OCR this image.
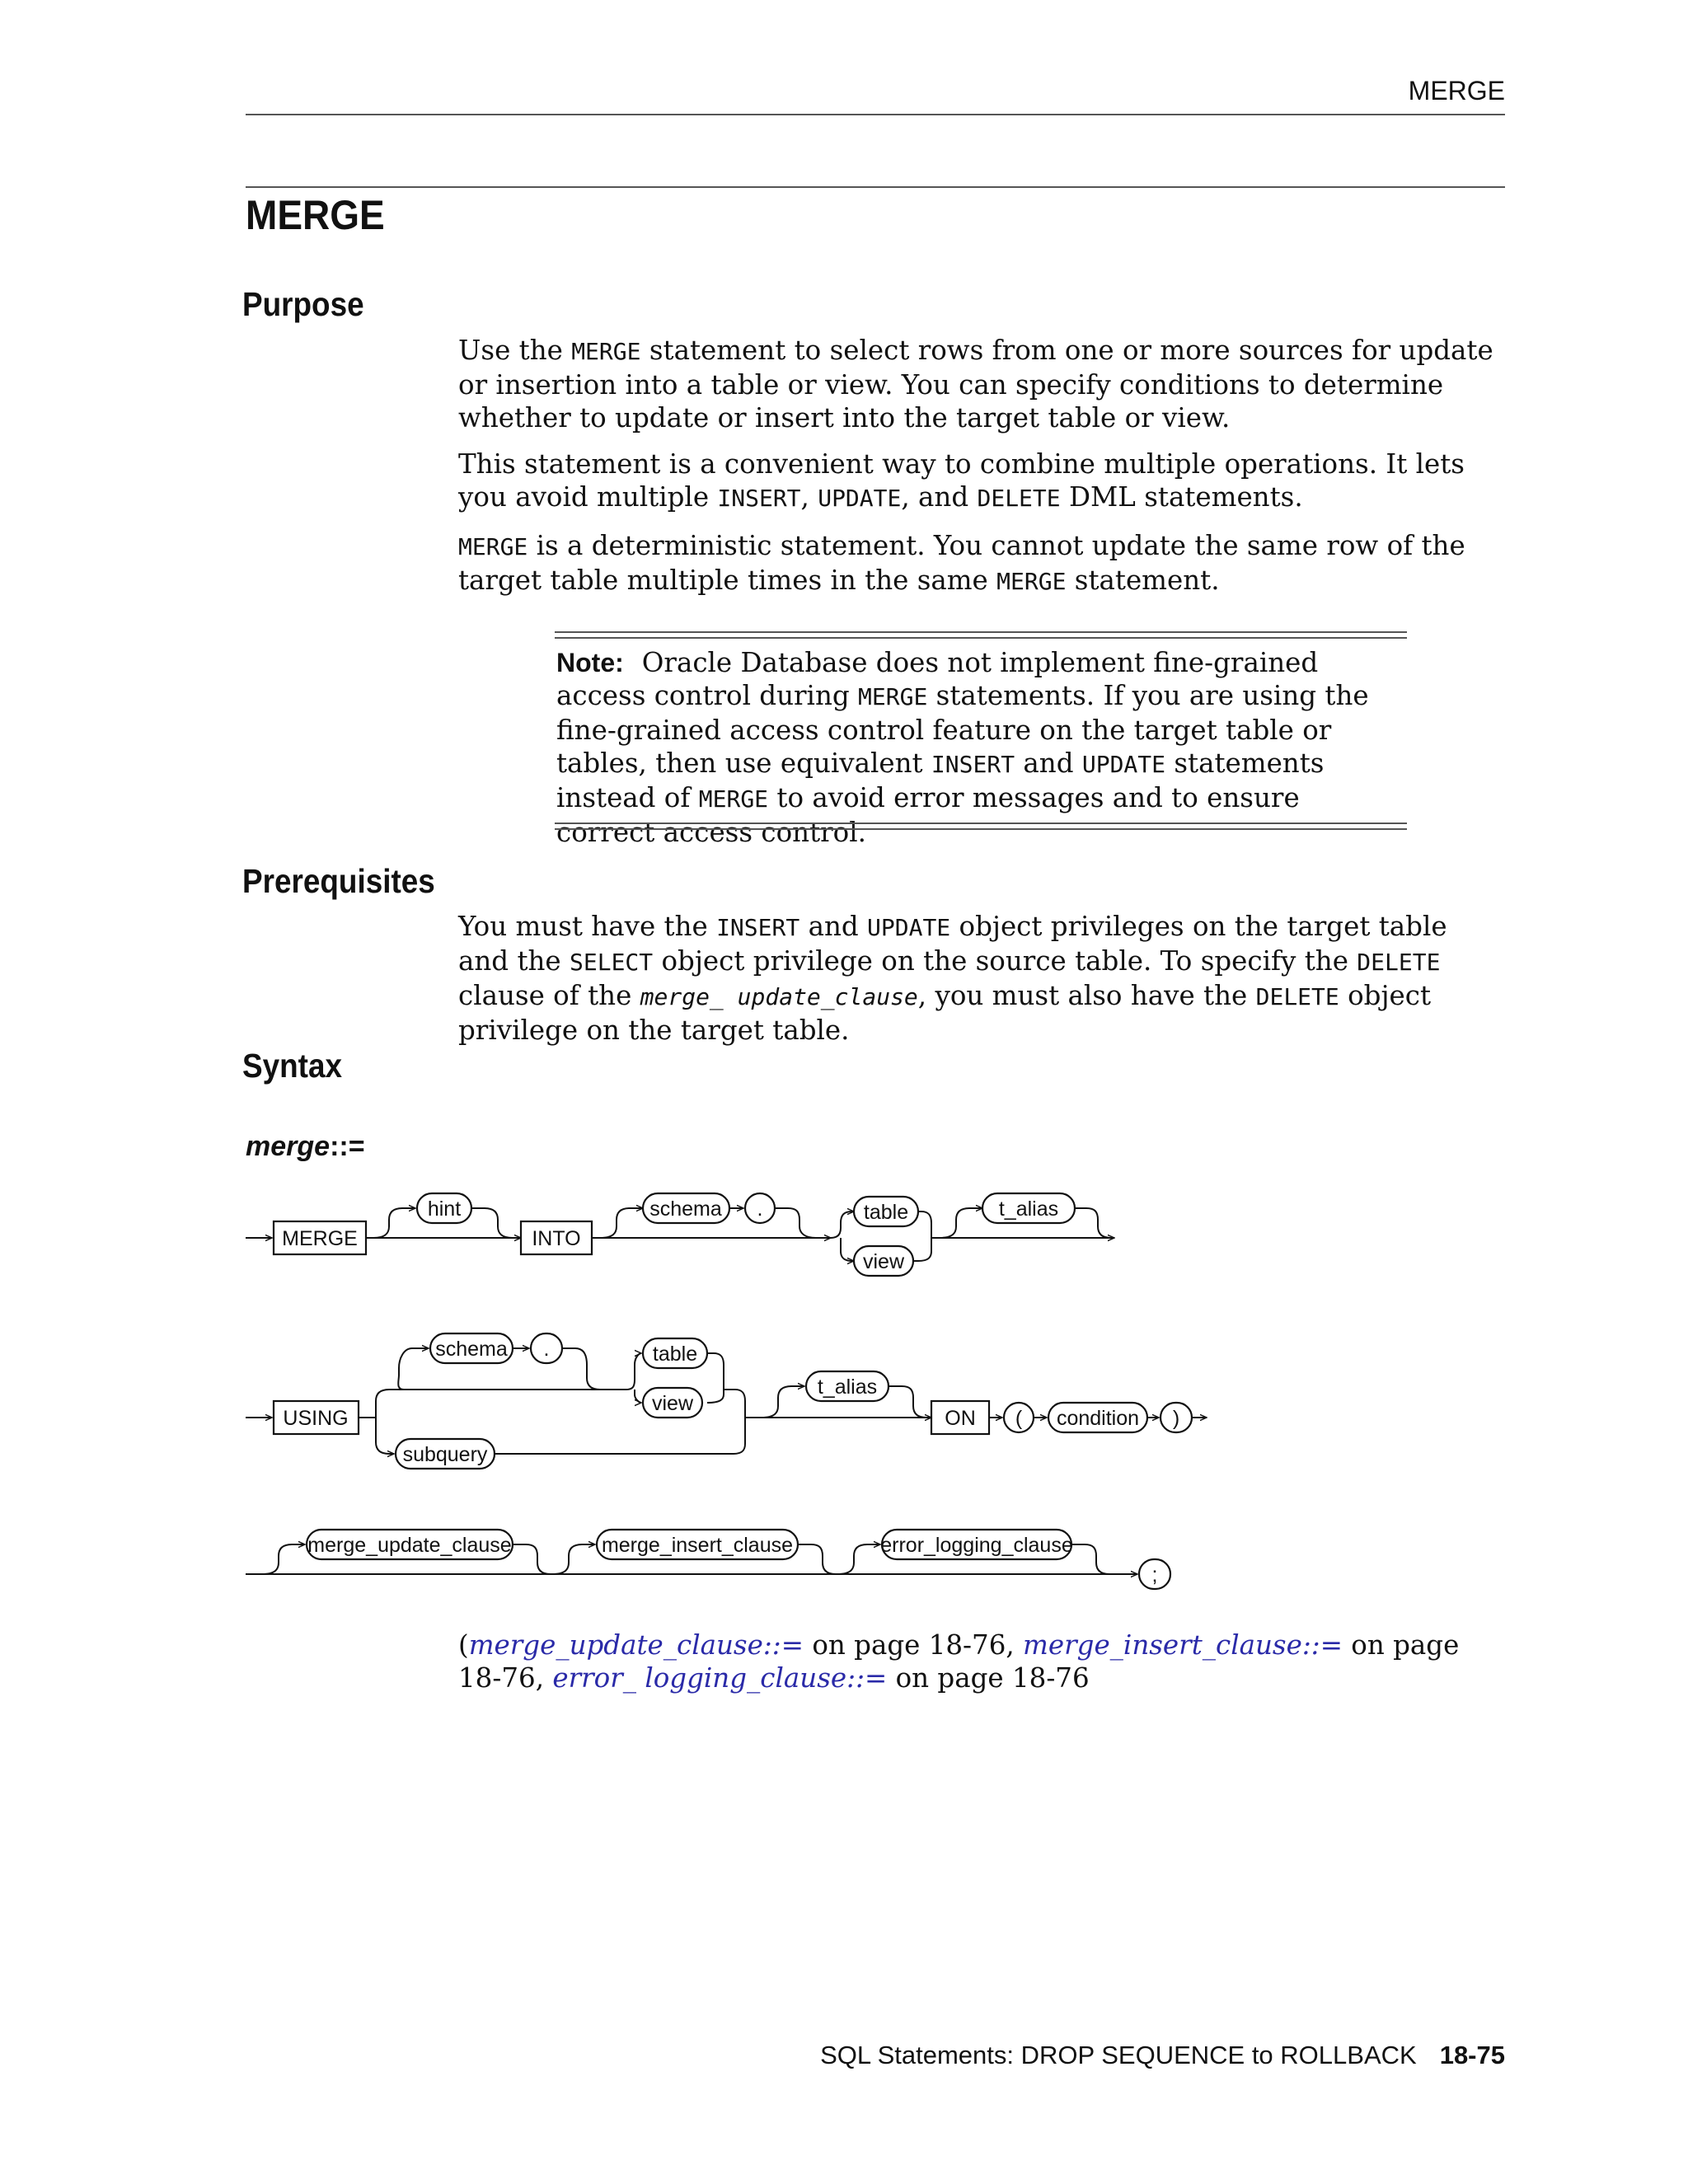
MERGE
MERGE
Purpose

Use the MERGE statement to select rows from one or more sources for update or insertion into a table or view. You can specify conditions to determine whether to update or insert into the target table or view.

This statement is a convenient way to combine multiple operations. It lets you avoid multiple INSERT, UPDATE, and DELETE DML statements.

MERGE is a deterministic statement. You cannot update the same row of the target table multiple times in the same MERGE statement.

Note: Oracle Database does not implement fine-grained access control during MERGE statements. If you are using the fine-grained access control feature on the target table or tables, then use equivalent INSERT and UPDATE statements instead of MERGE to avoid error messages and to ensure correct access control.

Prerequisites

You must have the INSERT and UPDATE object privileges on the target table and the SELECT object privilege on the source table. To specify the DELETE clause of the merge_ update_clause, you must also have the DELETE object privilege on the target table.

Syntax

merge::=

MERGE	INTO
hint	schema .	table
view
t_alias
USING
schema .	table
view
subquery
t_alias
ON ( condition )
merge_update_clause	merge_insert_clause	error_logging_clause
;

(merge_update_clause::= on page 18-76, merge_insert_clause::= on page 18-76, error_ logging_clause::= on page 18-76

SQL Statements: DROP SEQUENCE to ROLLBACK 18-75
